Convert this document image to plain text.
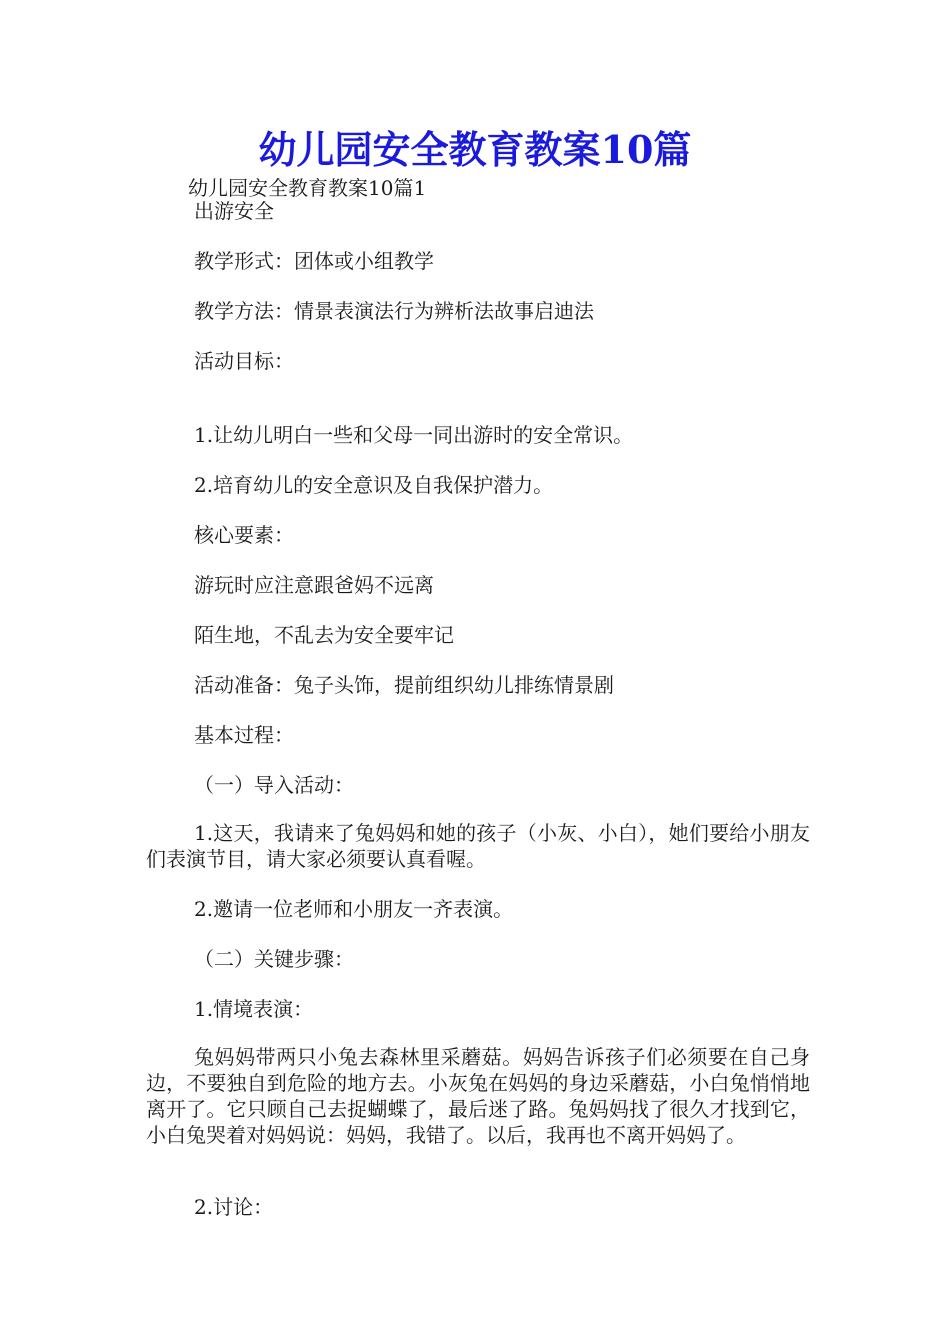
幼儿园安全教育教案10篇

幼儿园安全教育教案10篇1

出游安全

教学形式：团体或小组教学

教学方法：情景表演法行为辨析法故事启迪法

活动目标：

1.让幼儿明白一些和父母一同出游时的安全常识。

2.培育幼儿的安全意识及自我保护潜力。

核心要素：

游玩时应注意跟爸妈不远离

陌生地，不乱去为安全要牢记

活动准备：兔子头饰，提前组织幼儿排练情景剧

基本过程：

（一）导入活动：

1.这天，我请来了兔妈妈和她的孩子（小灰、小白），她们要给小朋友们表演节目，请大家必须要认真看喔。

2.邀请一位老师和小朋友一齐表演。

（二）关键步骤：

1.情境表演：

兔妈妈带两只小兔去森林里采蘑菇。妈妈告诉孩子们必须要在自己身边，不要独自到危险的地方去。小灰兔在妈妈的身边采蘑菇，小白兔悄悄地离开了。它只顾自己去捉蝴蝶了，最后迷了路。兔妈妈找了很久才找到它，小白兔哭着对妈妈说：妈妈，我错了。以后，我再也不离开妈妈了。

2.讨论：
